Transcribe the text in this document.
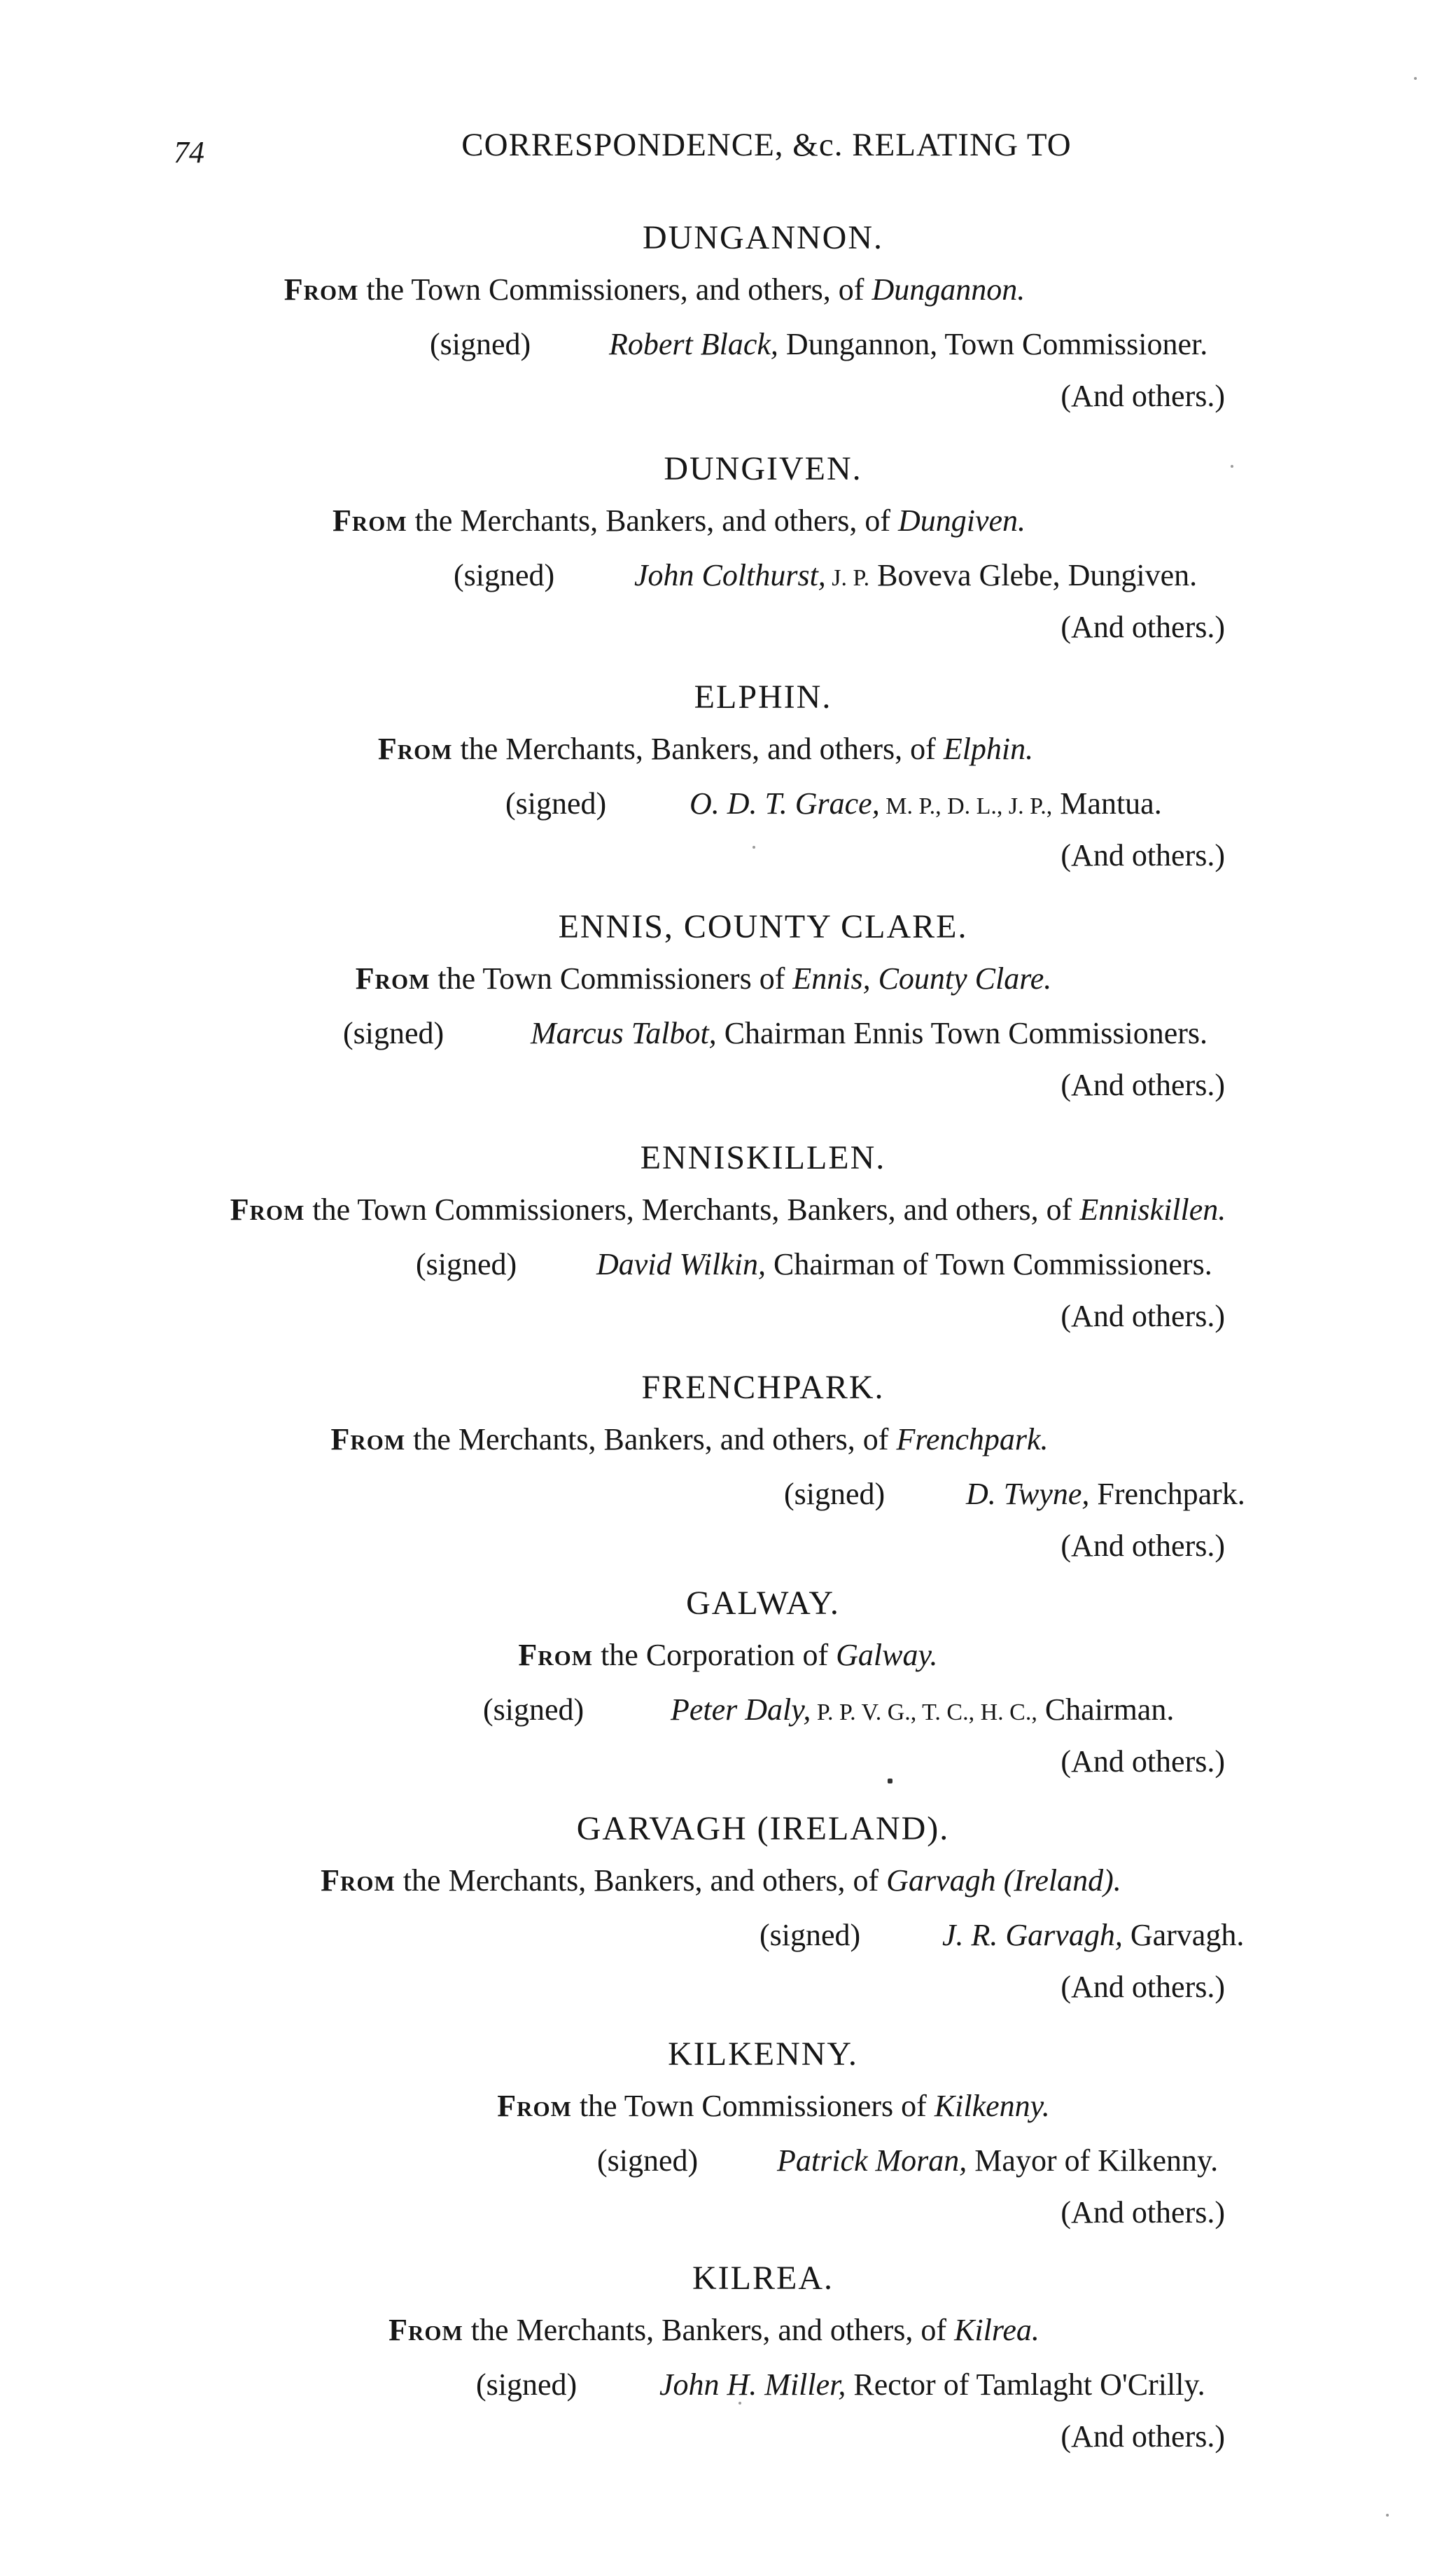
74	CORRESPONDENCE, &c. RELATING TO
DUNGANNON.
From the Town Commissioners, and others, of Dungannon.
(signed)	Robert Black, Dungannon, Town Commissioner.
(And others.)
DUNGIVEN.
From the Merchants, Bankers, and others, of Dungiven.
(signed)	John Colthurst, J. P. Boveva Glebe, Dungiven.
(And others.)
ELPHIN.
From the Merchants, Bankers, and others, of Elphin.
(signed)	O. D. T. Grace, M. P., D. L., J. P., Mantua.
(And others.)
ENNIS, COUNTY CLARE.
From the Town Commissioners of Ennis, County Clare.
(signed)	Marcus Talbot, Chairman Ennis Town Commissioners.
(And others.)
ENNISKILLEN.
From the Town Commissioners, Merchants, Bankers, and others, of Enniskillen.
(signed)	David Wilkin, Chairman of Town Commissioners.
(And others.)
FRENCHPARK.
From the Merchants, Bankers, and others, of Frenchpark.
(signed)	D. Twyne, Frenchpark.
(And others.)
GALWAY.
From the Corporation of Galway.
(signed)	Peter Daly, P. P. V. G., T. C., H. C., Chairman.
(And others.)
GARVAGH (IRELAND).
From the Merchants, Bankers, and others, of Garvagh (Ireland).
(signed)	J. R. Garvagh, Garvagh.
(And others.)
KILKENNY.
From the Town Commissioners of Kilkenny.
(signed)	Patrick Moran, Mayor of Kilkenny.
(And others.)
KILREA.
From the Merchants, Bankers, and others, of Kilrea.
(signed)	John H. Miller, Rector of Tamlaght O'Crilly.
(And others.)
